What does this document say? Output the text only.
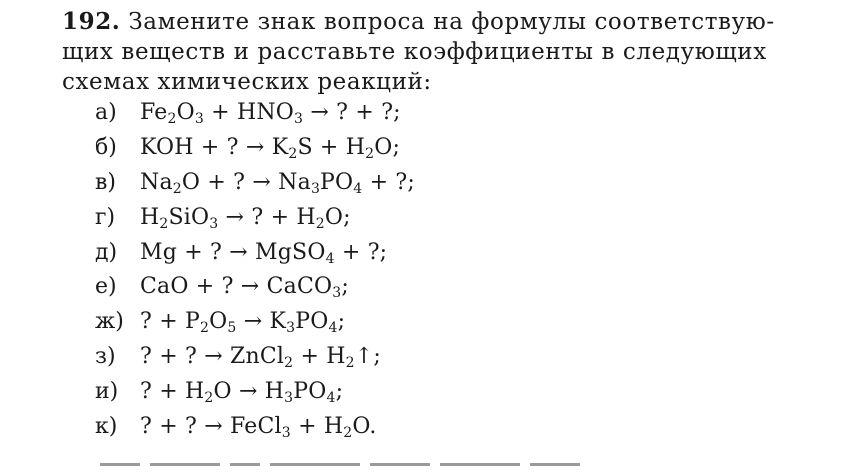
192. Замените знак вопроса на формулы соответствую-
щих веществ и расставьте коэффициенты в следующих
схемах химических реакций:
а)	$Fe_2O_3 + HNO_3$ → ? + ?;
б)	KOH + ? → $K_2S + H_2O$;
в)	$Na_2O$ + ? → $Na_3PO_4$ + ?;
г)	$H_2SiO_3$ → ? + $H_2O$;
д)	Mg + ? → MgSO$_4$ + ?;
е)	CaO + ? → CaCO$_3$;
ж) ? + $P_2O_5 \to K_3PO_4$;
з)	? + ? → ZnCl$_2$ + $H_2↑$;
и) ? + $H_2O \to H_3PO_4$;
к)	? + ? → FeCl$_3$ + $H_2O$.
